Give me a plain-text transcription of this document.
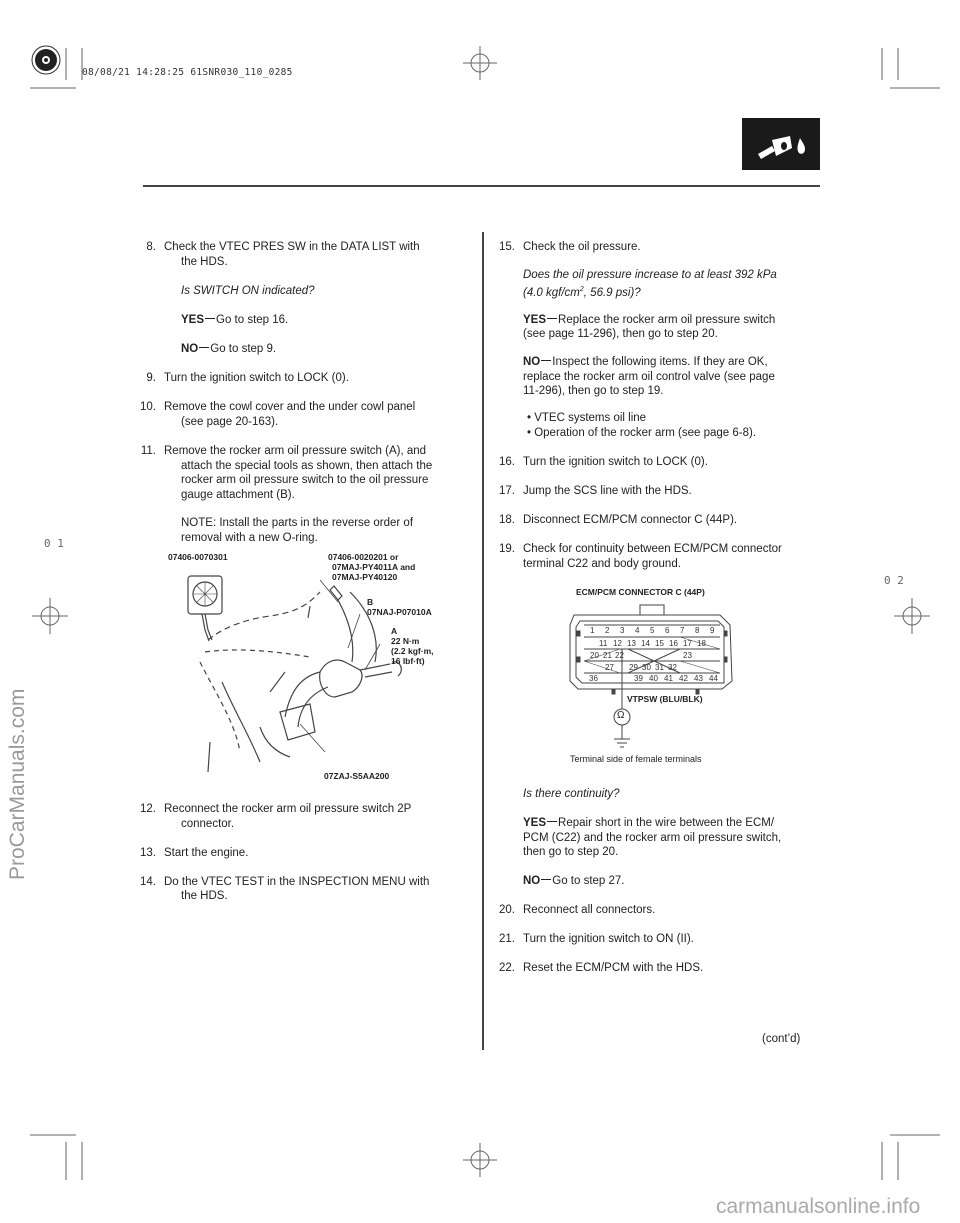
08/08/21 14:28:25 61SNR030_110_0285
ProCarManuals.com
carmanualsonline.info
0 1
0 2
8. Check the VTEC PRES SW in the DATA LIST with
the HDS.
Is SWITCH ON indicated?
YES Go to step 16.
NO Go to step 9.
9. Turn the ignition switch to LOCK (0).
10. Remove the cowl cover and the under cowl panel
(see page 20-163).
11. Remove the rocker arm oil pressure switch (A), and
attach the special tools as shown, then attach the
rocker arm oil pressure switch to the oil pressure
gauge attachment (B).
NOTE: Install the parts in the reverse order of
removal with a new O-ring.
07406-0070301	07406-0020201 or
07MAJ-PY4011A and
07MAJ-PY40120
B
07NAJ-P07010A
A
22 N·m
(2.2 kgf·m,
16 lbf·ft)
07ZAJ-S5AA200
12. Reconnect the rocker arm oil pressure switch 2P
connector.
13. Start the engine.
14. Do the VTEC TEST in the INSPECTION MENU with
the HDS.
15. Check the oil pressure.
Does the oil pressure increase to at least 392 kPa
(4.0 kgf/$cm^2$, 56.9 psi)?
YES Replace the rocker arm oil pressure switch
(see page 11-296), then go to step 20.
NO Inspect the following items. If they are OK,
replace the rocker arm oil control valve (see page
11-296), then go to step 19.
• VTEC systems oil line
• Operation of the rocker arm (see page 6-8).
16. Turn the ignition switch to LOCK (0).
17. Jump the SCS line with the HDS.
18. Disconnect ECM/PCM connector C (44P).
19. Check for continuity between ECM/PCM connector
terminal C22 and body ground.
ECM/PCM CONNECTOR C (44P)
1 2 3 4 5 6 7 8 9
11 12 13 14 15 16 17 18
20 21 22	23
27 29 30 31 32
36	39 40 41 42 43 44
VTPSW (BLU/BLK)
Ω
Terminal side of female terminals
Is there continuity?
YES Repair short in the wire between the ECM/
PCM (C22) and the rocker arm oil pressure switch,
then go to step 20.
NO Go to step 27.
20. Reconnect all connectors.
21. Turn the ignition switch to ON (II).
22. Reset the ECM/PCM with the HDS.
(cont’d)
